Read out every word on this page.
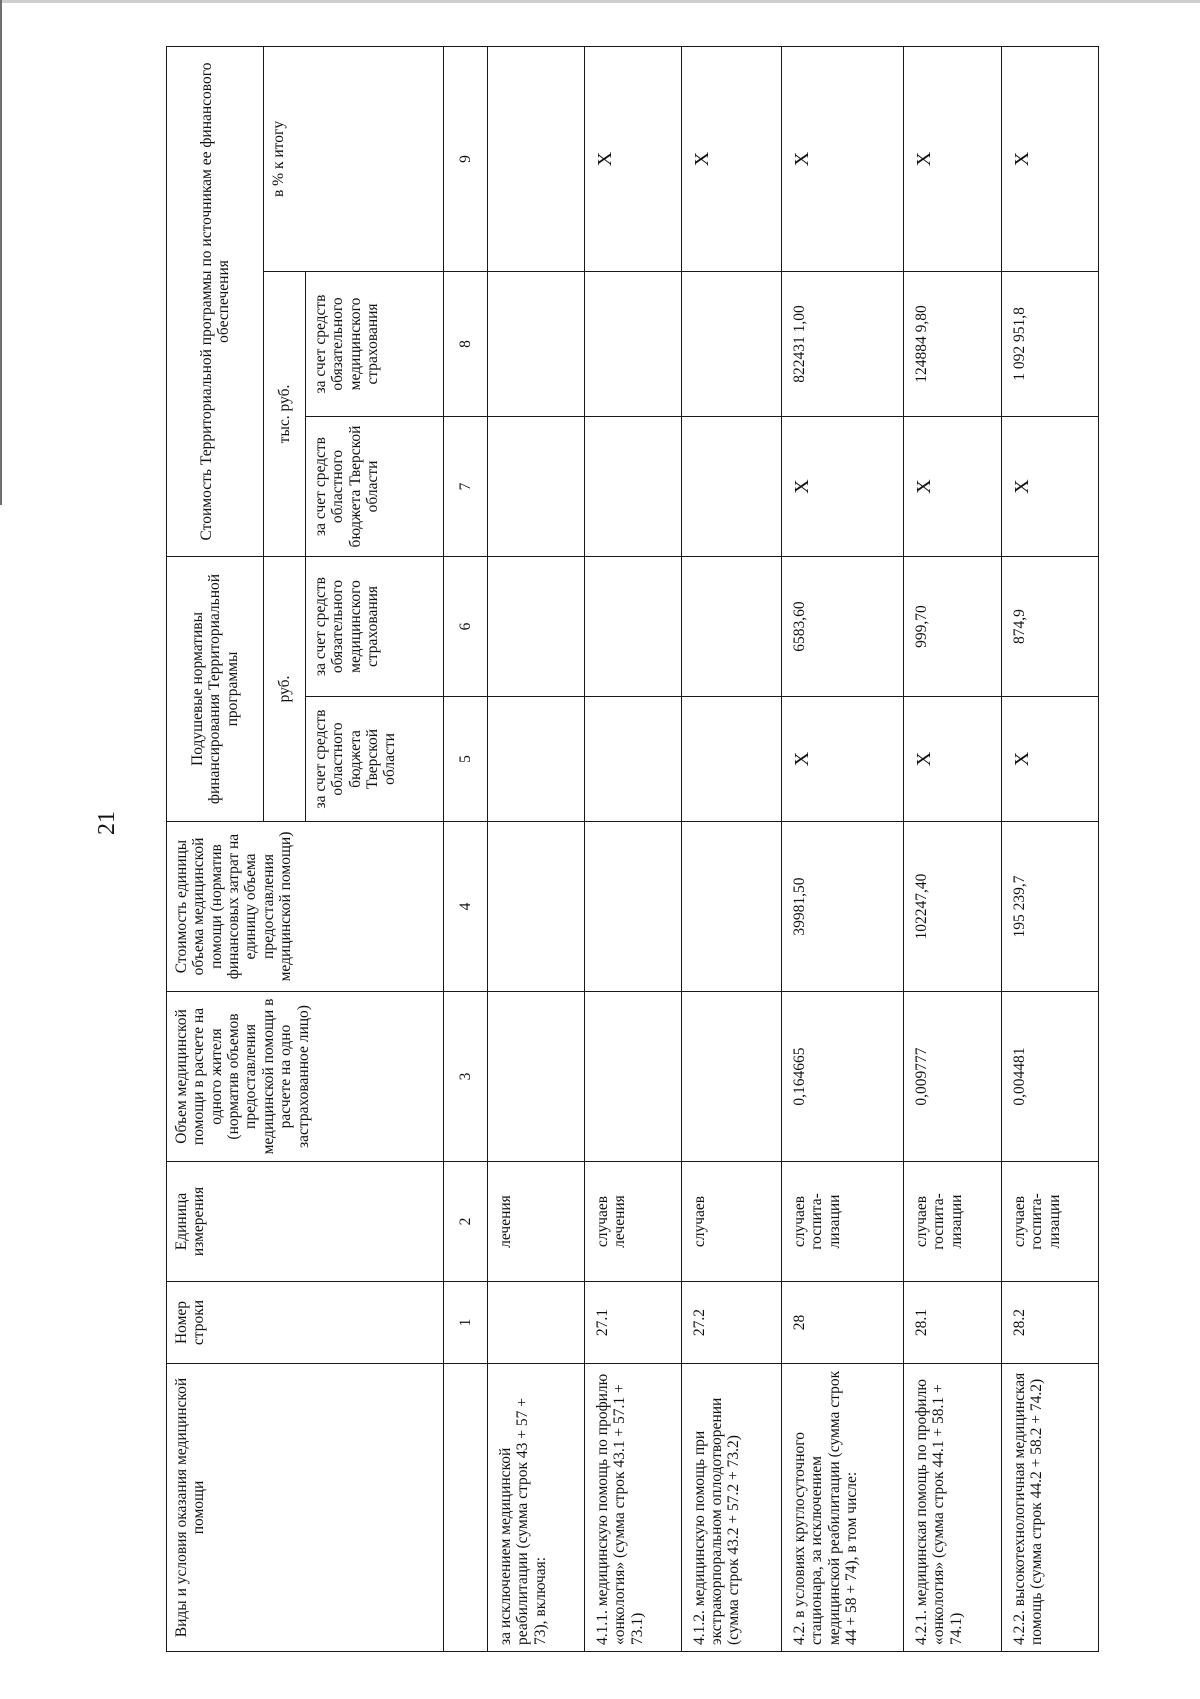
21
Виды и условия оказания медицинской помощи	Номер строки	Единица измерения	Объем медицинской помощи в расчете на одного жителя (норматив объемов предоставления медицинской помощи в расчете на одно застрахованное лицо)	Стоимость единицы объема медицинской помощи (норматив финансовых затрат на единицу объема предоставления медицинской помощи)	Подушевые нормативы финансирования Территориальной программы		Стоимость Территориальной программы по источникам ее финансового обеспечения		
					руб.		тыс. руб.		в % к итогу
					за счет средств областного бюджета Тверской области	за счет средств обязательного медицинского страхования	за счет средств областного бюджета Тверской области	за счет средств обязательного медицинского страхования	
	1	2	3	4	5	6	7	8	9
за исключением медицинской реабилитации (сумма строк 43 + 57 + 73), включая:		лечения							
4.1.1. медицинскую помощь по профилю «онкология» (сумма строк 43.1 + 57.1 + 73.1)	27.1	случаев лечения							X
4.1.2. медицинскую помощь при экстракорпоральном оплодотворении (сумма строк 43.2 + 57.2 + 73.2)	27.2	случаев							X
4.2. в условиях круглосуточного стационара, за исключением медицинской реабилитации (сумма строк 44 + 58 + 74), в том числе:	28	случаев госпита-лизации	0,164665	39981,50	X	6583,60	X	822431 1,00	X
4.2.1. медицинская помощь по профилю «онкология» (сумма строк 44.1 + 58.1 + 74.1)	28.1	случаев госпита-лизации	0,009777	102247,40	X	999,70	X	124884 9,80	X
4.2.2. высокотехнологичная медицинская помощь (сумма строк 44.2 + 58.2 + 74.2)	28.2	случаев госпита-лизации	0,004481	195 239,7	X	874,9	X	1 092 951,8	X
